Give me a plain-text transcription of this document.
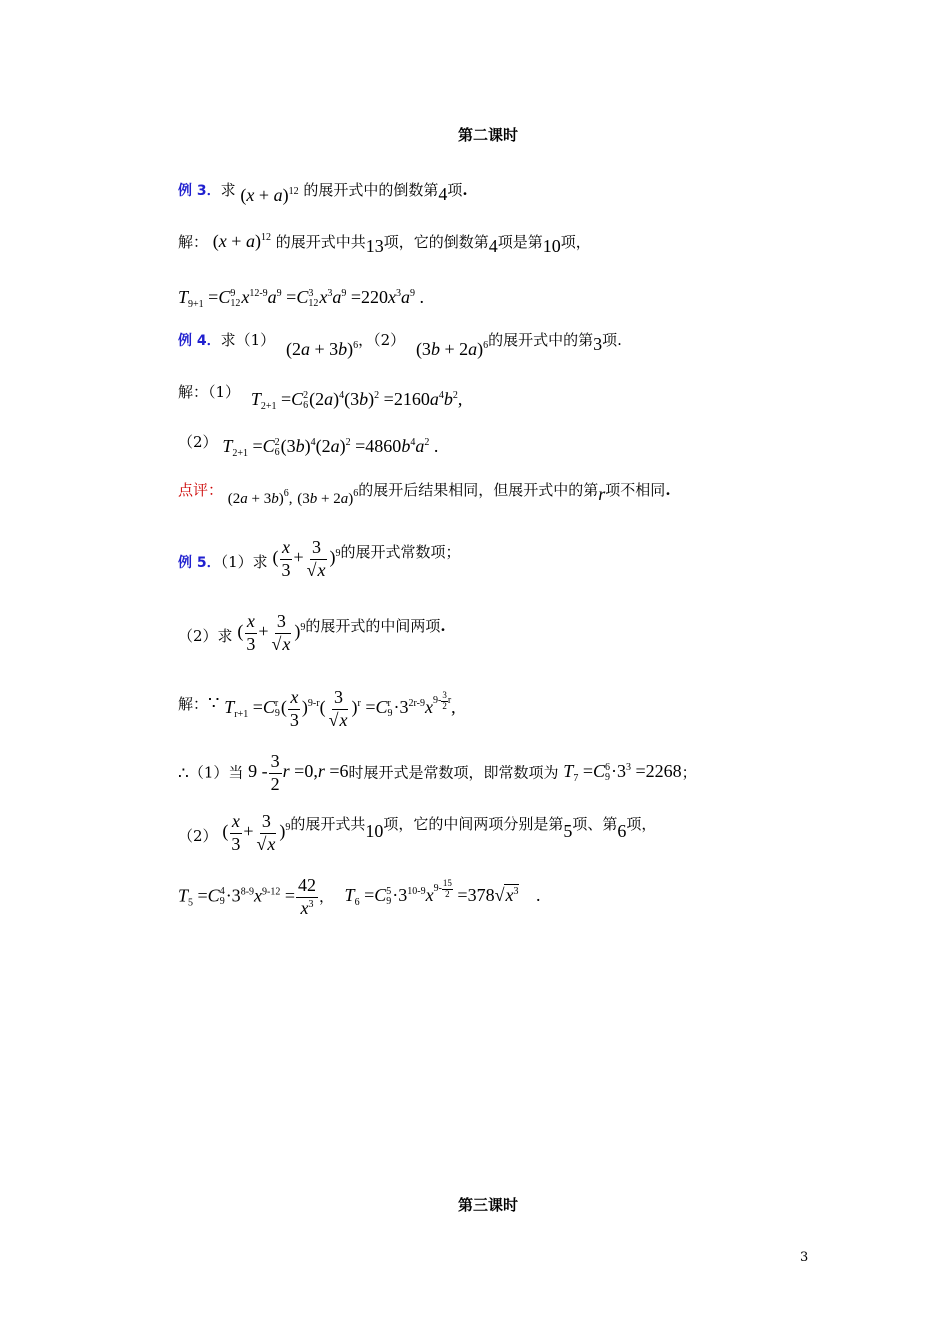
第二课时
例 3．求 $(x + a)^{12}$ 的展开式中的倒数第4项.
解： $(x + a)^{12}$ 的展开式中共13项，它的倒数第4项是第10项，
$T_{9+1} =C$ 9
12 $x^{12-9}a^9 =C$ 3
12 $x^3a^9 =220x^3a^9$ .
例 4．求（1） $(2a + 3b)^6$，（2） $(3b + 2a)^6$的展开式中的第3项.
解：（1） $T_{2+1} =C$ 2
6 $(2a)^4(3b)^2 =2160a^4b^2$,
（2） $T_{2+1} =C$ 2
6 $(3b)^4(2a)^2 =4860b^4a^2$ .
点评： $(2a + 3b)^6$, $(3b + 2a)^6$的展开后结果相同，但展开式中的第r项不相同.
例 5．（1）求 ( $\frac{x}{3} + \frac{3}{√x} )^9$的展开式常数项；
（2）求 ( $\frac{x}{3} + \frac{3}{√x} )^9$的展开式的中间两项.
解：∵ $T_{r+1} =C$ r
9 ( $\frac{x}{3} )^{9-r}( \frac{3}{√x} )^r =C$ r
$9 \cdot 3^{2r-9}x^{9- \frac{3}{2} r}$,
∴（1）当 $9 - \frac{3}{2}$ r =0,r =6时展开式是常数项，即常数项为 $T_7 =C$ 6
$9 \cdot 3^3 =2268$；
（2） ( $\frac{x}{3} + \frac{3}{√x} )^9$的展开式共10项，它的中间两项分别是第5项、第6项，
$T_5 =C$ 4
$9 \cdot 3^{8-9}x^{9-12} = \frac{42}{x^3}$ ， $T_6 =C$ 5
$9 \cdot 3^{10-9}x^{9- \frac{15}{2}} =378√x^3$ .
第三课时
3
